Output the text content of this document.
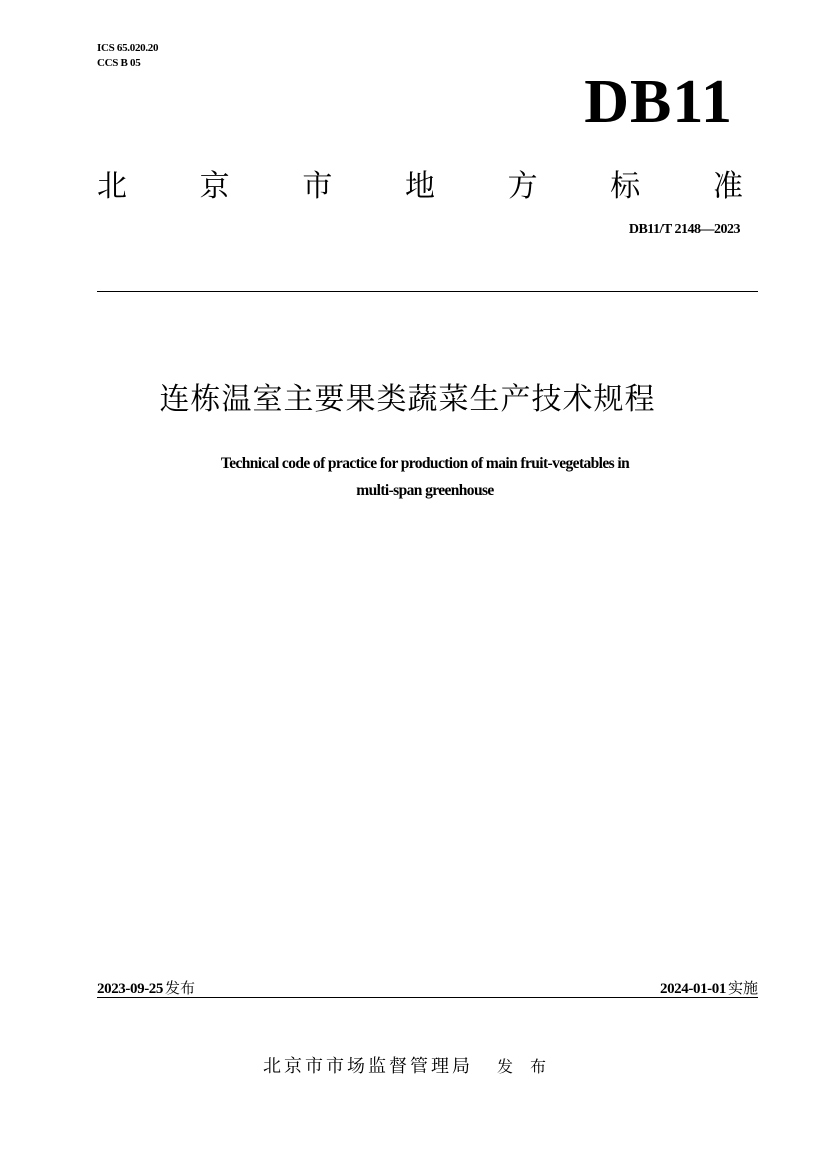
ICS 65.020.20
CCS B 05
DB11
北 京 市 地 方 标 准
DB11/T 2148—2023
连栋温室主要果类蔬菜生产技术规程
Technical code of practice for production of main fruit-vegetables in
multi-span greenhouse
2023-09-25 发布	2024-01-01 实施
北京市市场监督管理局 发 布
